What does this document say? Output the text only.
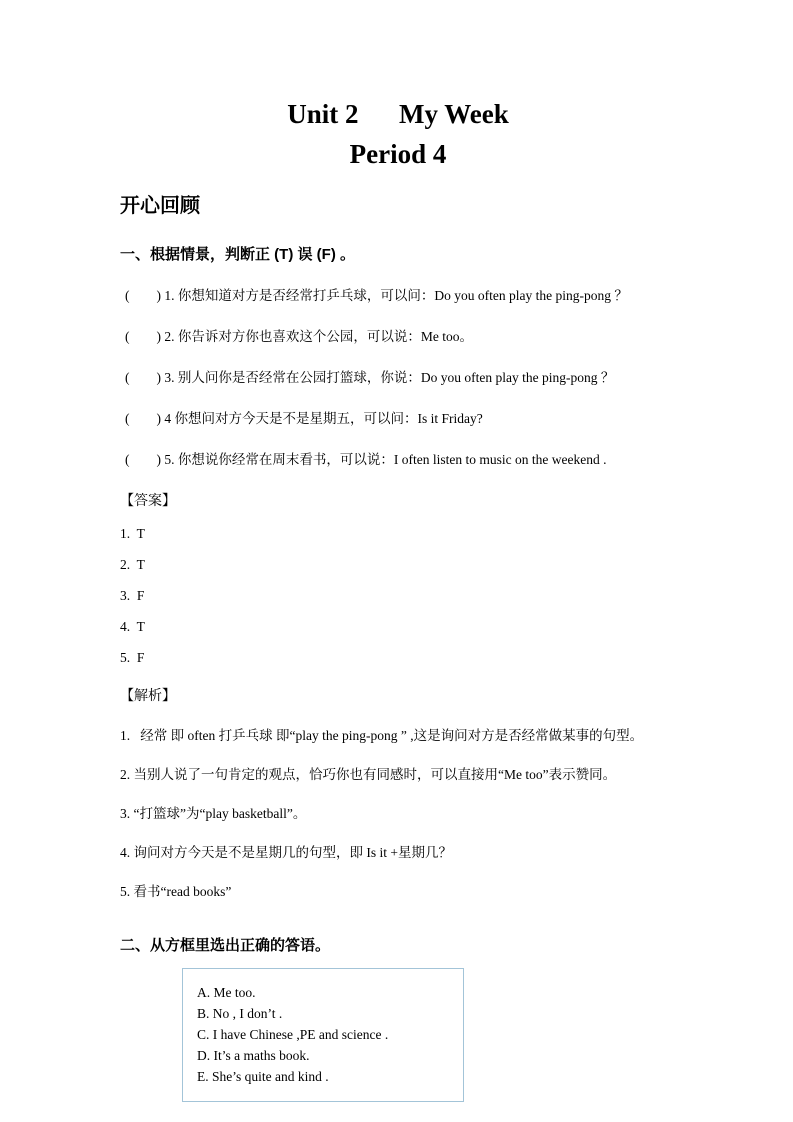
Unit 2      My Week
Period 4
开心回顾

一、根据情景，判断正 (T) 误 (F) 。

(        ) 1. 你想知道对方是否经常打乒乓球，可以问：Do you often play the ping-pong ？

(        ) 2. 你告诉对方你也喜欢这个公园，可以说：Me too。

(        ) 3. 别人问你是否经常在公园打篮球，你说：Do you often play the ping-pong ？

(        ) 4 你想问对方今天是不是星期五，可以问：Is it Friday?

(        ) 5. 你想说你经常在周末看书，可以说：I often listen to music on the weekend .

【答案】

1.  T

2.  T

3.  F

4.  T

5.  F

【解析】

1.   经常 即 often 打乒乓球 即“play the ping-pong ” ,这是询问对方是否经常做某事的句型。

2. 当别人说了一句肯定的观点，恰巧你也有同感时，可以直接用“Me too”表示赞同。

3. “打篮球”为“play basketball”。

4. 询问对方今天是不是星期几的句型，即 Is it +星期几？

5. 看书“read books”

二、从方框里选出正确的答语。

A. Me too.

B. No , I don’t .

C. I have Chinese ,PE and science .

D. It’s a maths book.

E. She’s quite and kind .
